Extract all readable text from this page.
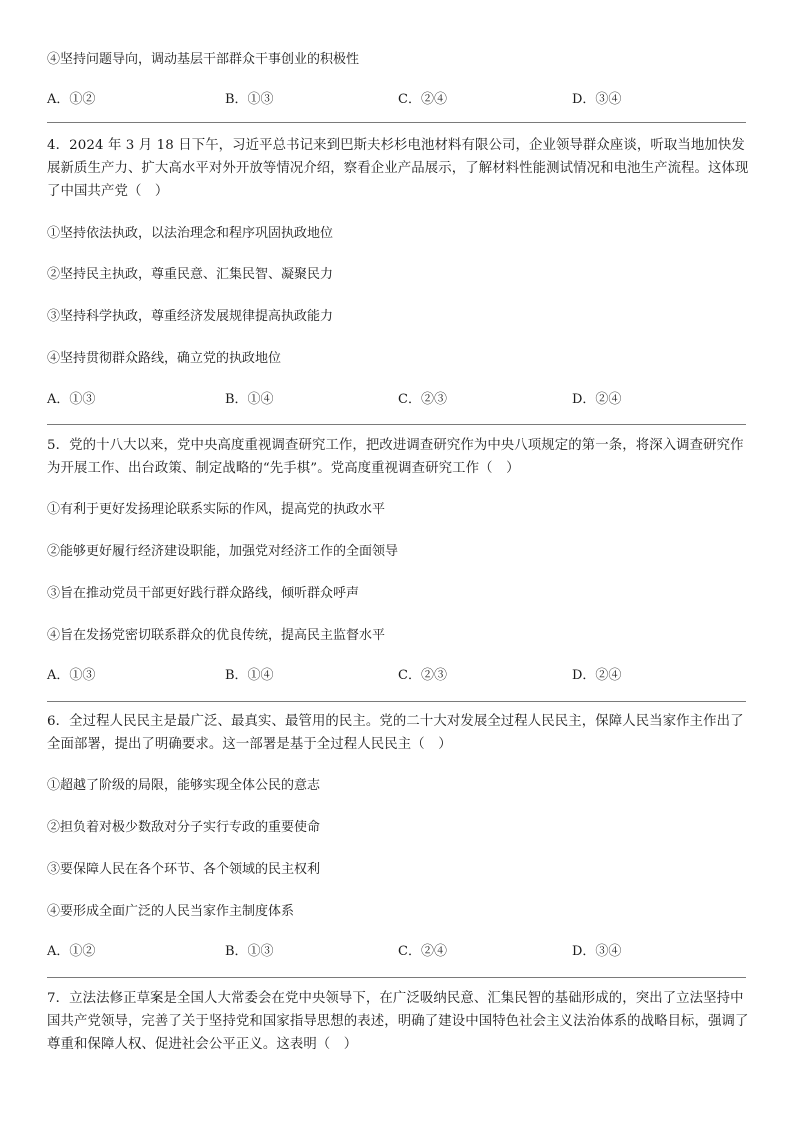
④坚持问题导向，调动基层干部群众干事创业的积极性
A．①②	B．①③	C．②④	D．③④
4．2024 年 3 月 18 日下午，习近平总书记来到巴斯夫杉杉电池材料有限公司，企业领导群众座谈，听取当地加快发展新质生产力、扩大高水平对外开放等情况介绍，察看企业产品展示，了解材料性能测试情况和电池生产流程。这体现了中国共产党（　）
①坚持依法执政，以法治理念和程序巩固执政地位
②坚持民主执政，尊重民意、汇集民智、凝聚民力
③坚持科学执政，尊重经济发展规律提高执政能力
④坚持贯彻群众路线，确立党的执政地位
A．①③	B．①④	C．②③	D．②④
5．党的十八大以来，党中央高度重视调查研究工作，把改进调查研究作为中央八项规定的第一条，将深入调查研究作为开展工作、出台政策、制定战略的“先手棋”。党高度重视调查研究工作（　）
①有利于更好发扬理论联系实际的作风，提高党的执政水平
②能够更好履行经济建设职能，加强党对经济工作的全面领导
③旨在推动党员干部更好践行群众路线，倾听群众呼声
④旨在发扬党密切联系群众的优良传统，提高民主监督水平
A．①③	B．①④	C．②③	D．②④
6．全过程人民民主是最广泛、最真实、最管用的民主。党的二十大对发展全过程人民民主，保障人民当家作主作出了全面部署，提出了明确要求。这一部署是基于全过程人民民主（　）
①超越了阶级的局限，能够实现全体公民的意志
②担负着对极少数敌对分子实行专政的重要使命
③要保障人民在各个环节、各个领域的民主权利
④要形成全面广泛的人民当家作主制度体系
A．①②	B．①③	C．②④	D．③④
7．立法法修正草案是全国人大常委会在党中央领导下，在广泛吸纳民意、汇集民智的基础形成的，突出了立法坚持中国共产党领导，完善了关于坚持党和国家指导思想的表述，明确了建设中国特色社会主义法治体系的战略目标，强调了尊重和保障人权、促进社会公平正义。这表明（　）
